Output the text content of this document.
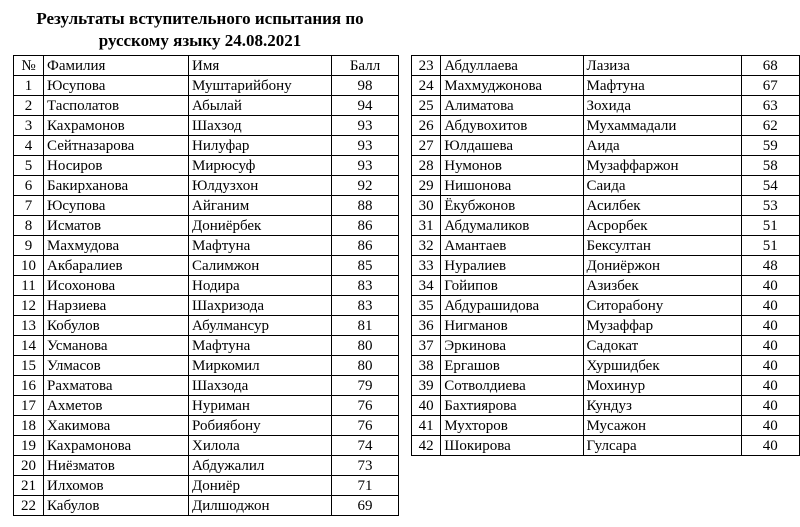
Результаты вступительного испытания по
русскому языку 24.08.2021
№	Фамилия	Имя	Балл
1	Юсупова	Муштарийбону	98
2	Тасполатов	Абылай	94
3	Кахрамонов	Шахзод	93
4	Сейтназарова	Нилуфар	93
5	Носиров	Мирюсуф	93
6	Бакирханова	Юлдузхон	92
7	Юсупова	Айганим	88
8	Исматов	Дониёрбек	86
9	Махмудова	Мафтуна	86
10	Акбаралиев	Салимжон	85
11	Исохонова	Нодира	83
12	Нарзиева	Шахризода	83
13	Кобулов	Абулмансур	81
14	Усманова	Мафтуна	80
15	Улмасов	Миркомил	80
16	Рахматова	Шахзода	79
17	Ахметов	Нуриман	76
18	Хакимова	Робиябону	76
19	Кахрамонова	Хилола	74
20	Ниёзматов	Абдужалил	73
21	Илхомов	Дониёр	71
22	Кабулов	Дилшоджон	69
23	Абдуллаева	Лазиза	68
24	Махмуджонова	Мафтуна	67
25	Алиматова	Зохида	63
26	Абдувохитов	Мухаммадали	62
27	Юлдашева	Аида	59
28	Нумонов	Музаффаржон	58
29	Нишонова	Саида	54
30	Ёкубжонов	Асилбек	53
31	Абдумаликов	Асрорбек	51
32	Амантаев	Бексултан	51
33	Нуралиев	Дониёржон	48
34	Гойипов	Азизбек	40
35	Абдурашидова	Ситорабону	40
36	Нигманов	Музаффар	40
37	Эркинова	Садокат	40
38	Ергашов	Хуршидбек	40
39	Сотволдиева	Мохинур	40
40	Бахтиярова	Кундуз	40
41	Мухторов	Мусажон	40
42	Шокирова	Гулсара	40
